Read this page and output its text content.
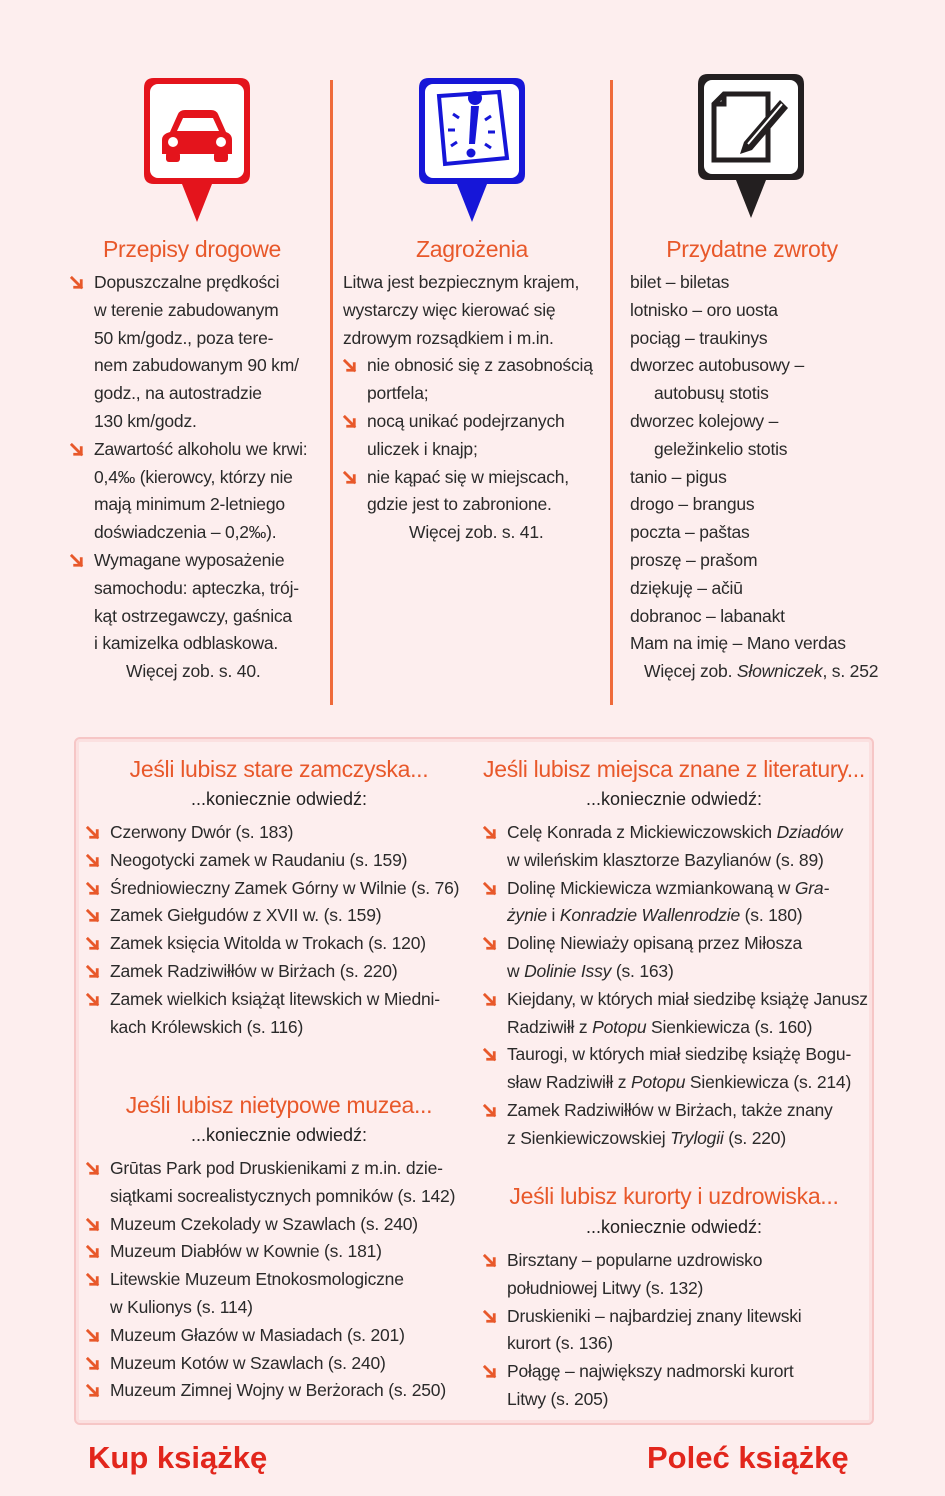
Przepisy drogowe	Zagrożenia	Przydatne zwroty
Dopuszczalne prędkości
w terenie zabudowanym
50 km/godz., poza tere-
nem zabudowanym 90 km/
godz., na autostradzie
130 km/godz.
Zawartość alkoholu we krwi:
0,4‰ (kierowcy, którzy nie
mają minimum 2-letniego
doświadczenia – 0,2‰).
Wymagane wyposażenie
samochodu: apteczka, trój-
kąt ostrzegawczy, gaśnica
i kamizelka odblaskowa.
Więcej zob. s. 40.
Litwa jest bezpiecznym krajem,
wystarczy więc kierować się
zdrowym rozsądkiem i m.in.
nie obnosić się z zasobnością
portfela;
nocą unikać podejrzanych
uliczek i knajp;
nie kąpać się w miejscach,
gdzie jest to zabronione.
Więcej zob. s. 41.
bilet – biletas
lotnisko – oro uosta
pociąg – traukinys
dworzec autobusowy –
autobusų stotis
dworzec kolejowy –
geležinkelio stotis
tanio – pigus
drogo – brangus
poczta – paštas
proszę – prašom
dziękuję – ačiū
dobranoc – labanakt
Mam na imię – Mano verdas
Więcej zob. Słowniczek, s. 252
Jeśli lubisz stare zamczyska...
...koniecznie odwiedź:
Czerwony Dwór (s. 183)
Neogotycki zamek w Raudaniu (s. 159)
Średniowieczny Zamek Górny w Wilnie (s. 76)
Zamek Giełgudów z XVII w. (s. 159)
Zamek księcia Witolda w Trokach (s. 120)
Zamek Radziwiłłów w Birżach (s. 220)
Zamek wielkich książąt litewskich w Miedni-
kach Królewskich (s. 116)
Jeśli lubisz nietypowe muzea...
...koniecznie odwiedź:
Grūtas Park pod Druskienikami z m.in. dzie-
siątkami socrealistycznych pomników (s. 142)
Muzeum Czekolady w Szawlach (s. 240)
Muzeum Diabłów w Kownie (s. 181)
Litewskie Muzeum Etnokosmologiczne
w Kulionys (s. 114)
Muzeum Głazów w Masiadach (s. 201)
Muzeum Kotów w Szawlach (s. 240)
Muzeum Zimnej Wojny w Berżorach (s. 250)
Jeśli lubisz miejsca znane z literatury...
...koniecznie odwiedź:
Celę Konrada z Mickiewiczowskich Dziadów
w wileńskim klasztorze Bazylianów (s. 89)
Dolinę Mickiewicza wzmiankowaną w Gra-
żynie i Konradzie Wallenrodzie (s. 180)
Dolinę Niewiaży opisaną przez Miłosza
w Dolinie Issy (s. 163)
Kiejdany, w których miał siedzibę książę Janusz
Radziwiłł z Potopu Sienkiewicza (s. 160)
Taurogi, w których miał siedzibę książę Bogu-
sław Radziwiłł z Potopu Sienkiewicza (s. 214)
Zamek Radziwiłłów w Birżach, także znany
z Sienkiewiczowskiej Trylogii (s. 220)
Jeśli lubisz kurorty i uzdrowiska...
...koniecznie odwiedź:
Birsztany – popularne uzdrowisko
południowej Litwy (s. 132)
Druskieniki – najbardziej znany litewski
kurort (s. 136)
Połągę – największy nadmorski kurort
Litwy (s. 205)
Kup książkę	Poleć książkę
